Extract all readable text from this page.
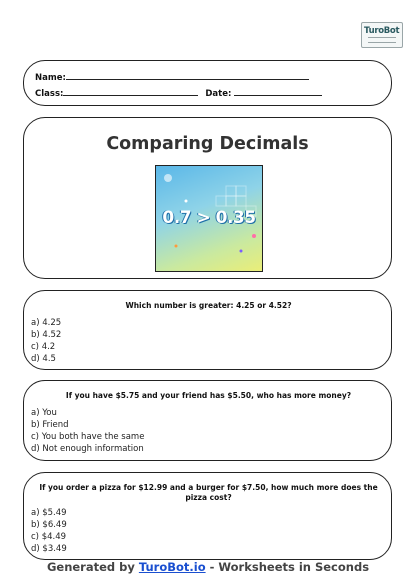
TuroBot
Name:
Class:	Date:
Comparing Decimals
0.7 > 0.35
Which number is greater: 4.25 or 4.52?
a) 4.25
b) 4.52
c) 4.2
d) 4.5
If you have $5.75 and your friend has $5.50, who has more money?
a) You
b) Friend
c) You both have the same
d) Not enough information
If you order a pizza for $12.99 and a burger for $7.50, how much more does the pizza cost?
a) $5.49
b) $6.49
c) $4.49
d) $3.49
Generated by TuroBot.io - Worksheets in Seconds
